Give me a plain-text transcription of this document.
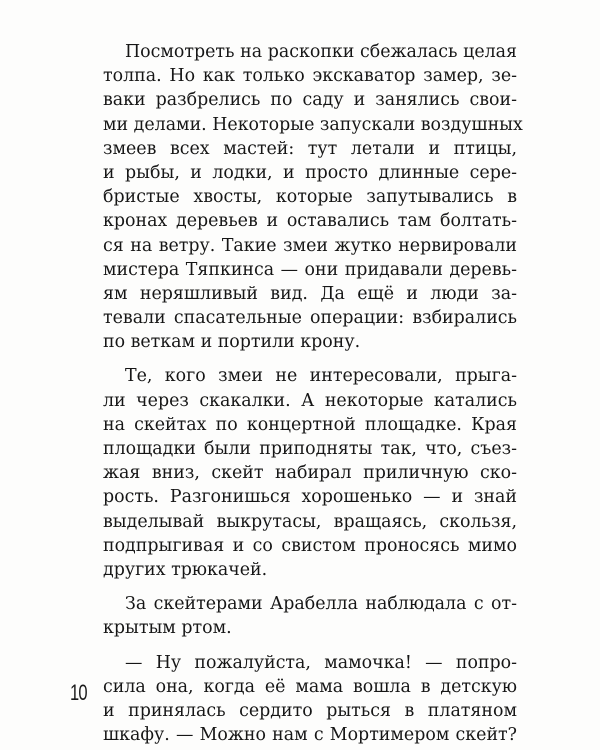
Посмотреть на раскопки сбежалась целая
толпа. Но как только экскаватор замер, зе-
ваки разбрелись по саду и занялись свои-
ми делами. Некоторые запускали воздушных
змеев всех мастей: тут летали и птицы,
и рыбы, и лодки, и просто длинные сере-
бристые хвосты, которые запутывались в
кронах деревьев и оставались там болтать-
ся на ветру. Такие змеи жутко нервировали
мистера Тяпкинса — они придавали деревь-
ям неряшливый вид. Да ещё и люди за-
тевали спасательные операции: взбирались
по веткам и портили крону.
Те, кого змеи не интересовали, прыга-
ли через скакалки. А некоторые катались
на скейтах по концертной площадке. Края
площадки были приподняты так, что, съез-
жая вниз, скейт набирал приличную ско-
рость. Разгонишься хорошенько — и знай
выделывай выкрутасы, вращаясь, скользя,
подпрыгивая и со свистом проносясь мимо
других трюкачей.
За скейтерами Арабелла наблюдала с от-
крытым ртом.
— Ну пожалуйста, мамочка! — попро-
сила она, когда её мама вошла в детскую
и принялась сердито рыться в платяном
шкафу. — Можно нам с Мортимером скейт?
10
